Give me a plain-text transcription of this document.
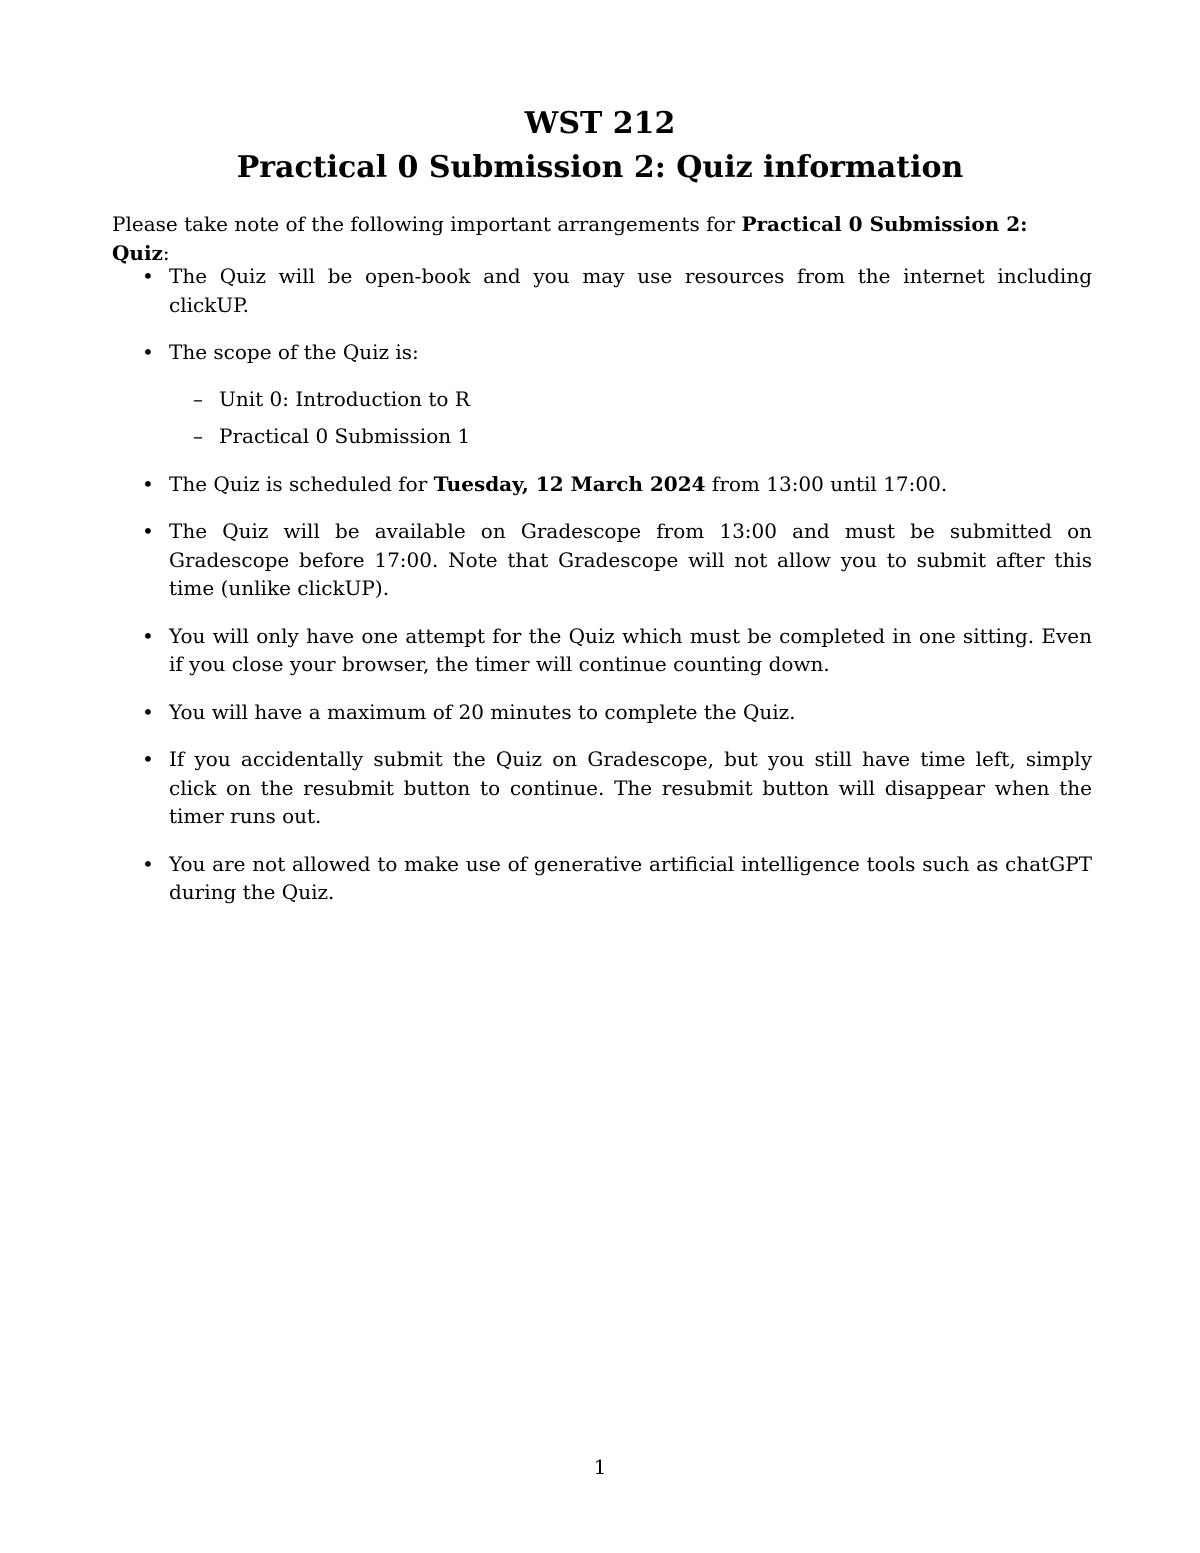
WST 212
Practical 0 Submission 2: Quiz information
Please take note of the following important arrangements for Practical 0 Submission 2: Quiz:
• The Quiz will be open-book and you may use resources from the internet including clickUP.
• The scope of the Quiz is:
– Unit 0: Introduction to R
– Practical 0 Submission 1
• The Quiz is scheduled for Tuesday, 12 March 2024 from 13:00 until 17:00.
• The Quiz will be available on Gradescope from 13:00 and must be submitted on Gradescope before 17:00. Note that Gradescope will not allow you to submit after this time (unlike clickUP).
• You will only have one attempt for the Quiz which must be completed in one sitting. Even if you close your browser, the timer will continue counting down.
• You will have a maximum of 20 minutes to complete the Quiz.
• If you accidentally submit the Quiz on Gradescope, but you still have time left, simply click on the resubmit button to continue. The resubmit button will disappear when the timer runs out.
• You are not allowed to make use of generative artificial intelligence tools such as chatGPT during the Quiz.
1
